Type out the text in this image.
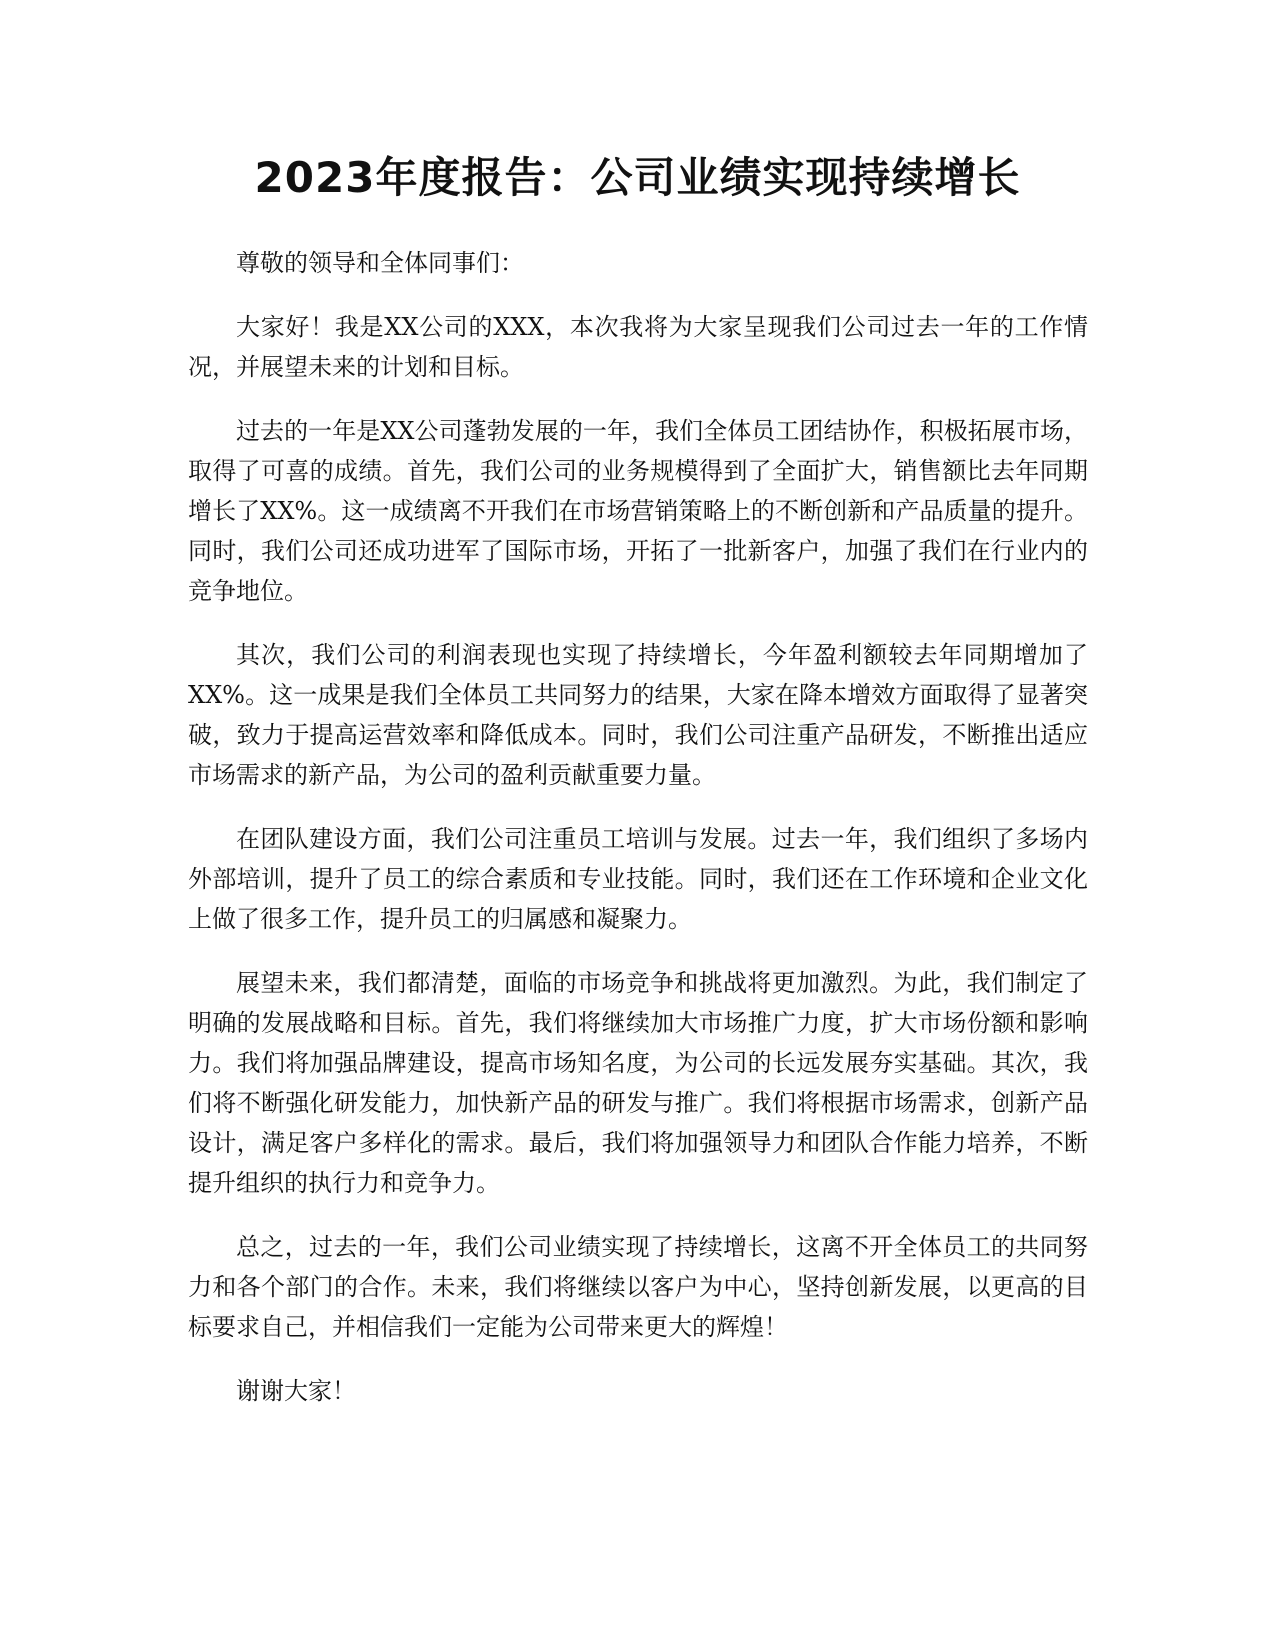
2023年度报告：公司业绩实现持续增长

尊敬的领导和全体同事们：

大家好！我是XX公司的XXX，本次我将为大家呈现我们公司过去一年的工作情况，并展望未来的计划和目标。

过去的一年是XX公司蓬勃发展的一年，我们全体员工团结协作，积极拓展市场，取得了可喜的成绩。首先，我们公司的业务规模得到了全面扩大，销售额比去年同期增长了XX%。这一成绩离不开我们在市场营销策略上的不断创新和产品质量的提升。同时，我们公司还成功进军了国际市场，开拓了一批新客户，加强了我们在行业内的竞争地位。

其次，我们公司的利润表现也实现了持续增长，今年盈利额较去年同期增加了XX%。这一成果是我们全体员工共同努力的结果，大家在降本增效方面取得了显著突破，致力于提高运营效率和降低成本。同时，我们公司注重产品研发，不断推出适应市场需求的新产品，为公司的盈利贡献重要力量。

在团队建设方面，我们公司注重员工培训与发展。过去一年，我们组织了多场内外部培训，提升了员工的综合素质和专业技能。同时，我们还在工作环境和企业文化上做了很多工作，提升员工的归属感和凝聚力。

展望未来，我们都清楚，面临的市场竞争和挑战将更加激烈。为此，我们制定了明确的发展战略和目标。首先，我们将继续加大市场推广力度，扩大市场份额和影响力。我们将加强品牌建设，提高市场知名度，为公司的长远发展夯实基础。其次，我们将不断强化研发能力，加快新产品的研发与推广。我们将根据市场需求，创新产品设计，满足客户多样化的需求。最后，我们将加强领导力和团队合作能力培养，不断提升组织的执行力和竞争力。

总之，过去的一年，我们公司业绩实现了持续增长，这离不开全体员工的共同努力和各个部门的合作。未来，我们将继续以客户为中心，坚持创新发展，以更高的目标要求自己，并相信我们一定能为公司带来更大的辉煌！

谢谢大家！
